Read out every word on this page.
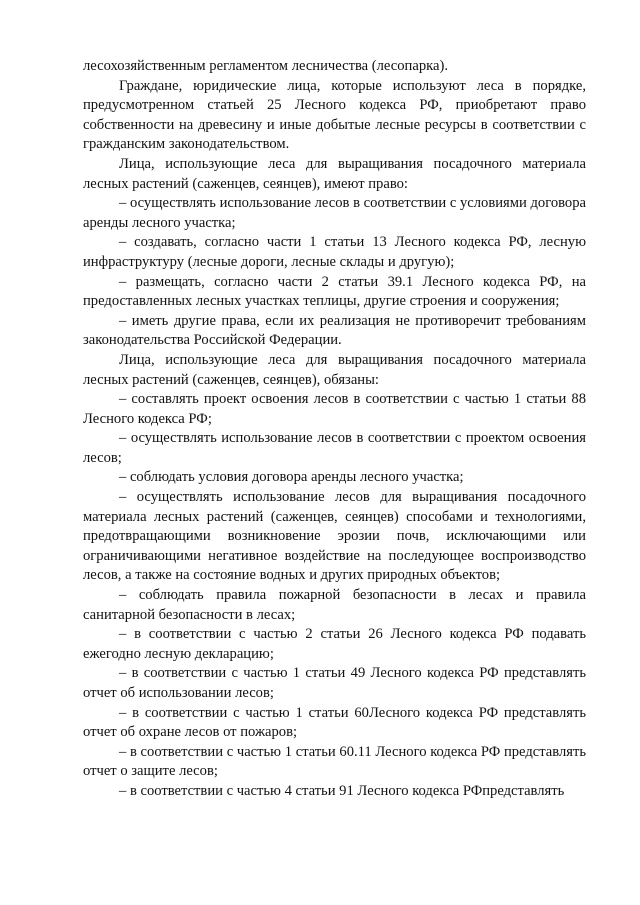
лесохозяйственным регламентом лесничества (лесопарка).

Граждане, юридические лица, которые используют леса в порядке, предусмотренном статьей 25 Лесного кодекса РФ, приобретают право собственности на древесину и иные добытые лесные ресурсы в соответствии с гражданским законодательством.

Лица, использующие леса для выращивания посадочного материала лесных растений (саженцев, сеянцев), имеют право:

– осуществлять использование лесов в соответствии с условиями договора аренды лесного участка;

– создавать, согласно части 1 статьи 13 Лесного кодекса РФ, лесную инфраструктуру (лесные дороги, лесные склады и другую);

– размещать, согласно части 2 статьи 39.1 Лесного кодекса РФ, на предоставленных лесных участках теплицы, другие строения и сооружения;

– иметь другие права, если их реализация не противоречит требованиям законодательства Российской Федерации.

Лица, использующие леса для выращивания посадочного материала лесных растений (саженцев, сеянцев), обязаны:

– составлять проект освоения лесов в соответствии с частью 1 статьи 88 Лесного кодекса РФ;

– осуществлять использование лесов в соответствии с проектом освоения лесов;

– соблюдать условия договора аренды лесного участка;

– осуществлять использование лесов для выращивания посадочного материала лесных растений (саженцев, сеянцев) способами и технологиями, предотвращающими возникновение эрозии почв, исключающими или ограничивающими негативное воздействие на последующее воспроизводство лесов, а также на состояние водных и других природных объектов;

– соблюдать правила пожарной безопасности в лесах и правила санитарной безопасности в лесах;

– в соответствии с частью 2 статьи 26 Лесного кодекса РФ подавать ежегодно лесную декларацию;

– в соответствии с частью 1 статьи 49 Лесного кодекса РФ представлять отчет об использовании лесов;

– в соответствии с частью 1 статьи 60Лесного кодекса РФ представлять отчет об охране лесов от пожаров;

– в соответствии с частью 1 статьи 60.11 Лесного кодекса РФ представлять отчет о защите лесов;

– в соответствии с частью 4 статьи 91 Лесного кодекса РФпредставлять
